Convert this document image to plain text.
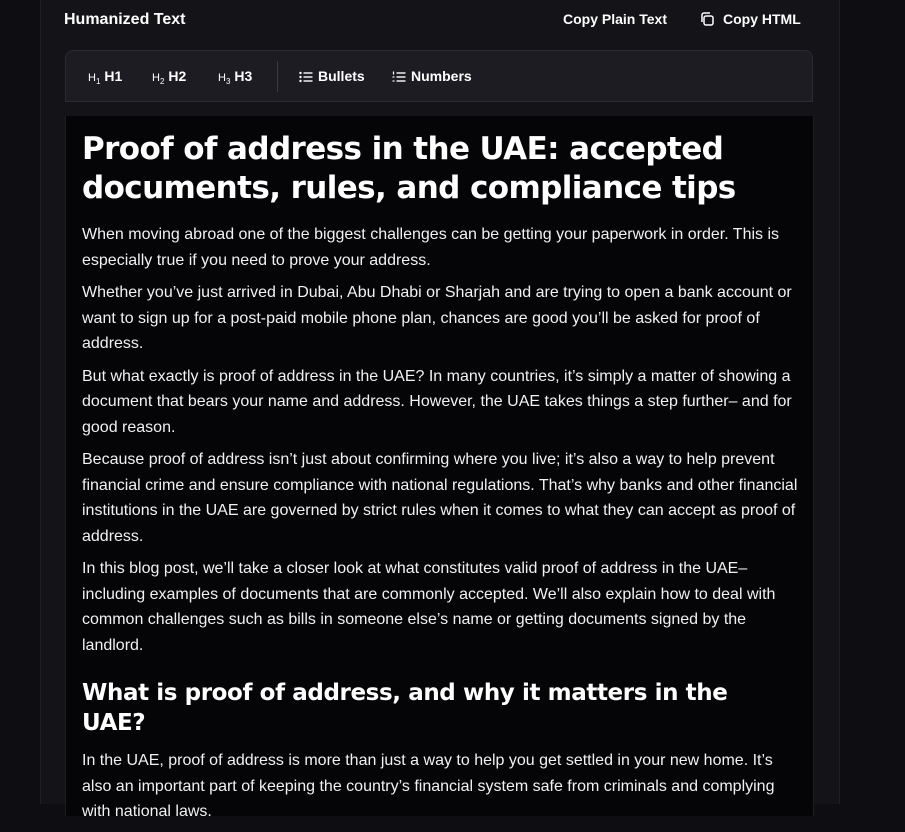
Humanized Text	Copy Plain Text	Copy HTML
$H_1$ H1	$H_2$ H2	$H_3$ H3	Bullets	Numbers
Proof of address in the UAE: accepted documents, rules, and compliance tips

When moving abroad one of the biggest challenges can be getting your paperwork in order. This is especially true if you need to prove your address.

Whether you’ve just arrived in Dubai, Abu Dhabi or Sharjah and are trying to open a bank account or want to sign up for a post-paid mobile phone plan, chances are good you’ll be asked for proof of address.

But what exactly is proof of address in the UAE? In many countries, it’s simply a matter of showing a document that bears your name and address. However, the UAE takes things a step further– and for good reason.

Because proof of address isn’t just about confirming where you live; it’s also a way to help prevent financial crime and ensure compliance with national regulations. That’s why banks and other financial institutions in the UAE are governed by strict rules when it comes to what they can accept as proof of address.

In this blog post, we’ll take a closer look at what constitutes valid proof of address in the UAE– including examples of documents that are commonly accepted. We’ll also explain how to deal with common challenges such as bills in someone else’s name or getting documents signed by the landlord.

What is proof of address, and why it matters in the UAE?

In the UAE, proof of address is more than just a way to help you get settled in your new home. It’s also an important part of keeping the country’s financial system safe from criminals and complying with national laws.
